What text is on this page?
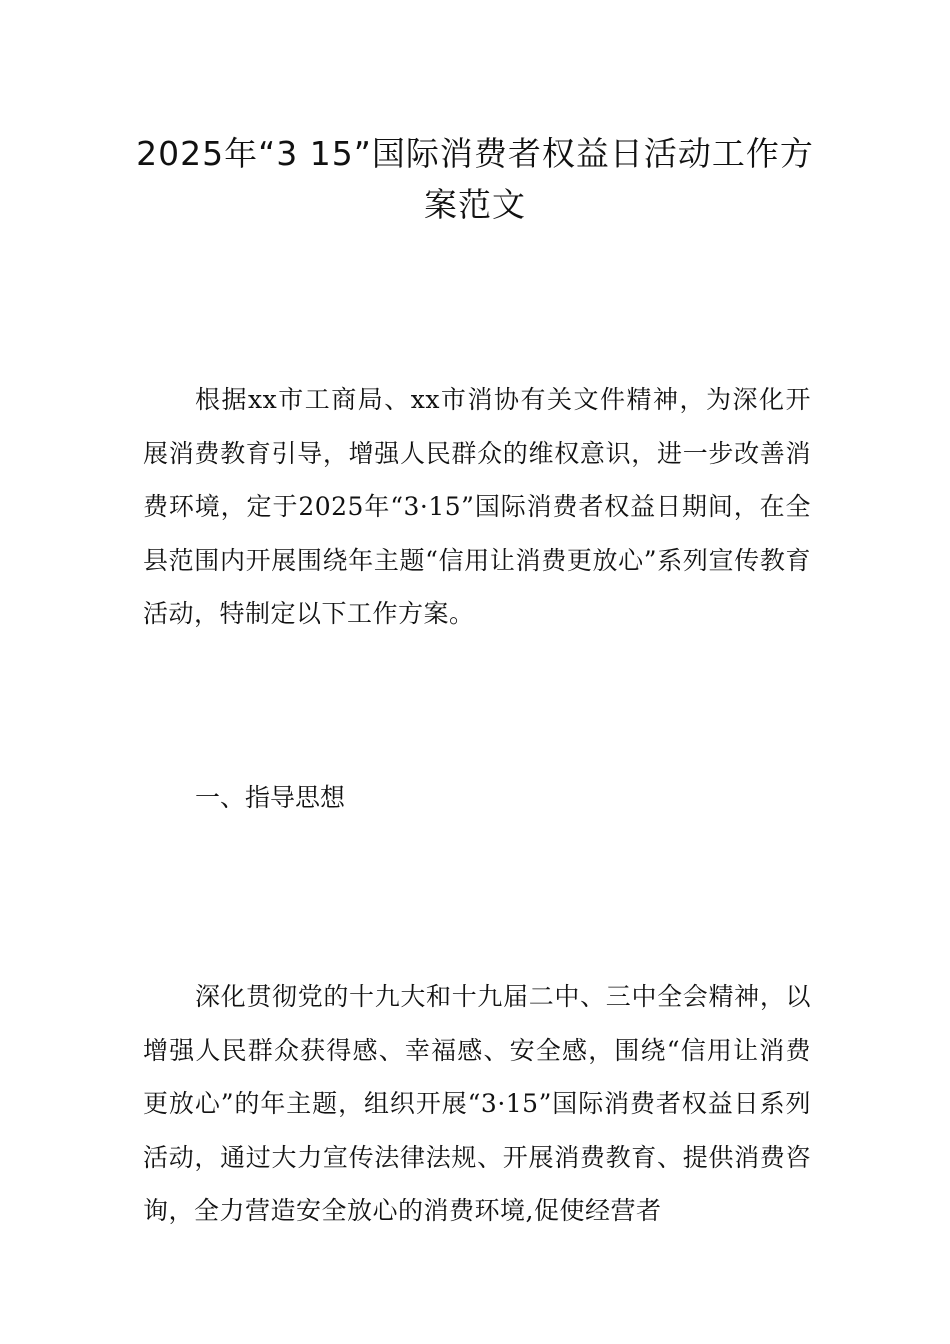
2025年“3 15”国际消费者权益日活动工作方案范文

根据xx市工商局、xx市消协有关文件精神，为深化开展消费教育引导，增强人民群众的维权意识，进一步改善消费环境，定于2025年“3·15”国际消费者权益日期间，在全县范围内开展围绕年主题“信用让消费更放心”系列宣传教育活动，特制定以下工作方案。

一、指导思想

深化贯彻党的十九大和十九届二中、三中全会精神，以增强人民群众获得感、幸福感、安全感，围绕“信用让消费更放心”的年主题，组织开展“3·15”国际消费者权益日系列活动，通过大力宣传法律法规、开展消费教育、提供消费咨询，全力营造安全放心的消费环境,促使经营者
